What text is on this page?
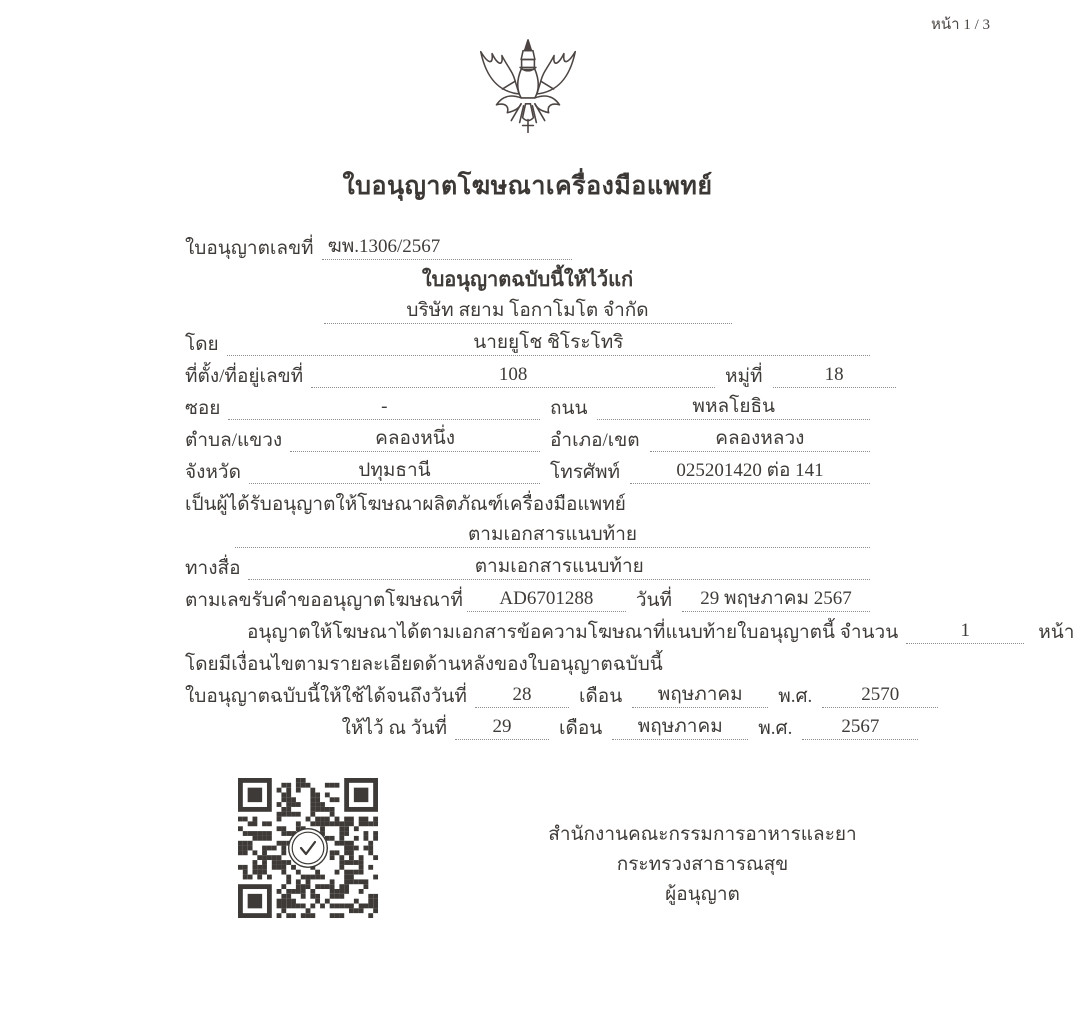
หน้า 1 / 3
ใบอนุญาตโฆษณาเครื่องมือแพทย์
ใบอนุญาตเลขที่ ฆพ.1306/2567
ใบอนุญาตฉบับนี้ให้ไว้แก่
บริษัท สยาม โอกาโมโต จำกัด
โดย	นายยูโช ชิโระโทริ
ที่ตั้ง/ที่อยู่เลขที่	108	หมู่ที่	18
ซอย	-	ถนน	พหลโยธิน
ตำบล/แขวง	คลองหนึ่ง	อำเภอ/เขต	คลองหลวง
จังหวัด	ปทุมธานี	โทรศัพท์	025201420 ต่อ 141
เป็นผู้ได้รับอนุญาตให้โฆษณาผลิตภัณฑ์เครื่องมือแพทย์
ตามเอกสารแนบท้าย
ทางสื่อ	ตามเอกสารแนบท้าย
ตามเลขรับคำขออนุญาตโฆษณาที่	AD6701288	วันที่	29 พฤษภาคม 2567
อนุญาตให้โฆษณาได้ตามเอกสารข้อความโฆษณาที่แนบท้ายใบอนุญาตนี้ จำนวน	1	หน้า
โดยมีเงื่อนไขตามรายละเอียดด้านหลังของใบอนุญาตฉบับนี้
ใบอนุญาตฉบับนี้ให้ใช้ได้จนถึงวันที่	28	เดือน	พฤษภาคม	พ.ศ.	2570
ให้ไว้ ณ วันที่	29	เดือน	พฤษภาคม	พ.ศ.	2567
สำนักงานคณะกรรมการอาหารและยา
กระทรวงสาธารณสุข
ผู้อนุญาต
